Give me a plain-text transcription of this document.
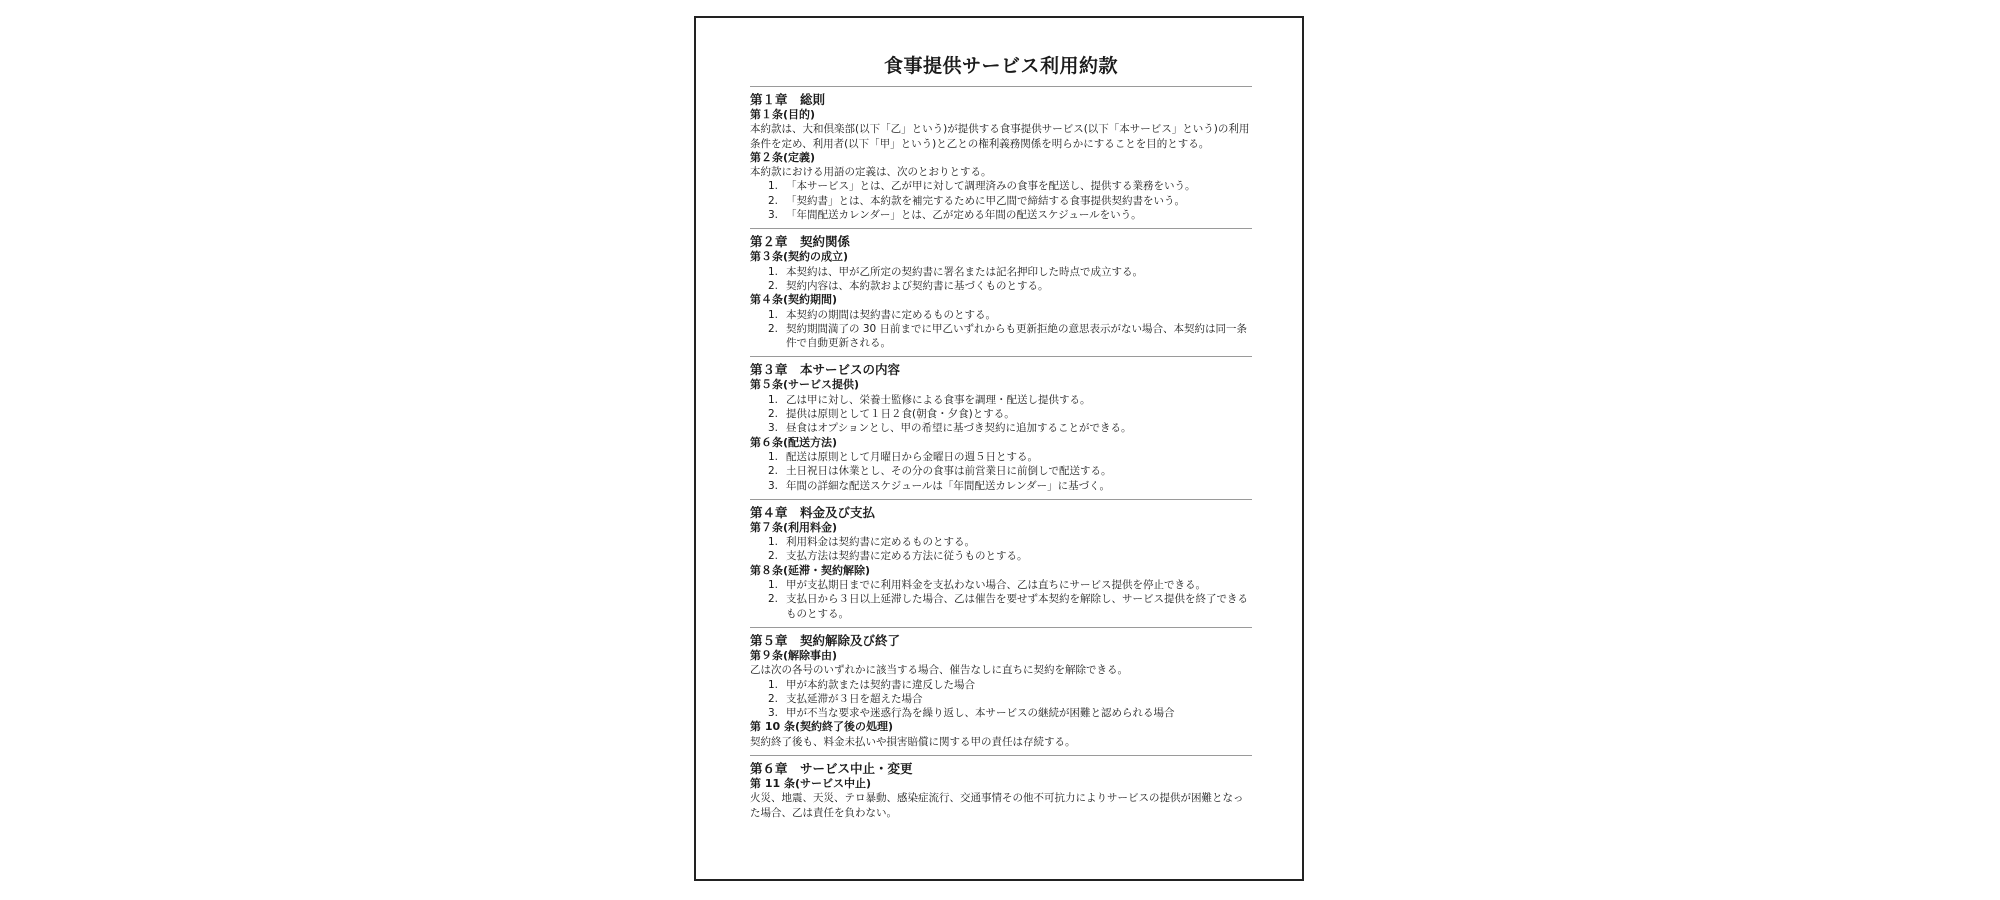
食事提供サービス利用約款
第１章　総則
第１条(目的)
本約款は、大和倶楽部(以下「乙」という)が提供する食事提供サービス(以下「本サービス」という)の利用条件を定め、利用者(以下「甲」という)と乙との権利義務関係を明らかにすることを目的とする。
第２条(定義)
本約款における用語の定義は、次のとおりとする。
1. 「本サービス」とは、乙が甲に対して調理済みの食事を配送し、提供する業務をいう。
2. 「契約書」とは、本約款を補完するために甲乙間で締結する食事提供契約書をいう。
3. 「年間配送カレンダー」とは、乙が定める年間の配送スケジュールをいう。
第２章　契約関係
第３条(契約の成立)
1. 本契約は、甲が乙所定の契約書に署名または記名押印した時点で成立する。
2. 契約内容は、本約款および契約書に基づくものとする。
第４条(契約期間)
1. 本契約の期間は契約書に定めるものとする。
2. 契約期間満了の 30 日前までに甲乙いずれからも更新拒絶の意思表示がない場合、本契約は同一条件で自動更新される。
第３章　本サービスの内容
第５条(サービス提供)
1. 乙は甲に対し、栄養士監修による食事を調理・配送し提供する。
2. 提供は原則として１日２食(朝食・夕食)とする。
3. 昼食はオプションとし、甲の希望に基づき契約に追加することができる。
第６条(配送方法)
1. 配送は原則として月曜日から金曜日の週５日とする。
2. 土日祝日は休業とし、その分の食事は前営業日に前倒しで配送する。
3. 年間の詳細な配送スケジュールは「年間配送カレンダー」に基づく。
第４章　料金及び支払
第７条(利用料金)
1. 利用料金は契約書に定めるものとする。
2. 支払方法は契約書に定める方法に従うものとする。
第８条(延滞・契約解除)
1. 甲が支払期日までに利用料金を支払わない場合、乙は直ちにサービス提供を停止できる。
2. 支払日から３日以上延滞した場合、乙は催告を要せず本契約を解除し、サービス提供を終了できるものとする。
第５章　契約解除及び終了
第９条(解除事由)
乙は次の各号のいずれかに該当する場合、催告なしに直ちに契約を解除できる。
1. 甲が本約款または契約書に違反した場合
2. 支払延滞が３日を超えた場合
3. 甲が不当な要求や迷惑行為を繰り返し、本サービスの継続が困難と認められる場合
第 10 条(契約終了後の処理)
契約終了後も、料金未払いや損害賠償に関する甲の責任は存続する。
第６章　サービス中止・変更
第 11 条(サービス中止)
火災、地震、天災、テロ暴動、感染症流行、交通事情その他不可抗力によりサービスの提供が困難となった場合、乙は責任を負わない。
